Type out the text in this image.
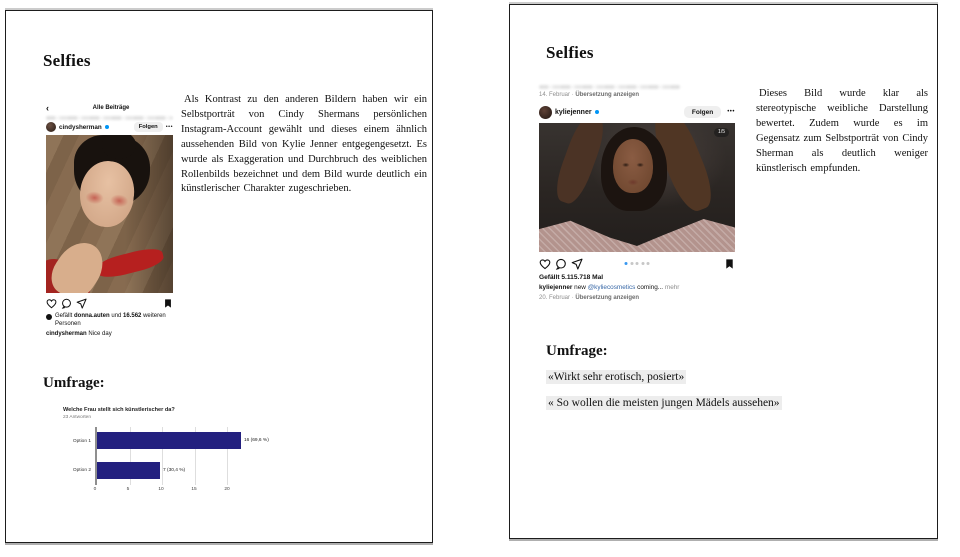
Selfies
‹	Alle Beiträge
cindysherman	Folgen	•••
Gefällt donna.auten und 16.562 weiteren Personen
cindysherman Nice day
Als Kontrast zu den anderen Bildern haben wir ein Selbstporträt von Cindy Shermans persönlichen Instagram-Account gewählt und dieses einem ähnlich aussehenden Bild von Kylie Jenner entgegengesetzt. Es wurde als Exaggeration und Durchbruch des weiblichen Rollenbilds bezeichnet und dem Bild wurde deutlich ein künstlerischer Charakter zugeschrieben.
Umfrage:
Welche Frau stellt sich künstlerischer da?
23 Antworten
Option 1
Option 2
16 (69,6 %)
7 (30,4 %)
0	5	10	15	20
Selfies
14. Februar · Übersetzung anzeigen
kyliejenner	Folgen	•••
1/5
Gefällt 5.115.718 Mal
kyliejenner new @kyliecosmetics coming... mehr
20. Februar · Übersetzung anzeigen
Dieses Bild wurde klar als stereotypische weibliche Darstellung bewertet. Zudem wurde es im Gegensatz zum Selbstporträt von Cindy Sherman als deutlich weniger künstlerisch empfunden.
Umfrage:
«Wirkt sehr erotisch, posiert»
« So wollen die meisten jungen Mädels aussehen»
